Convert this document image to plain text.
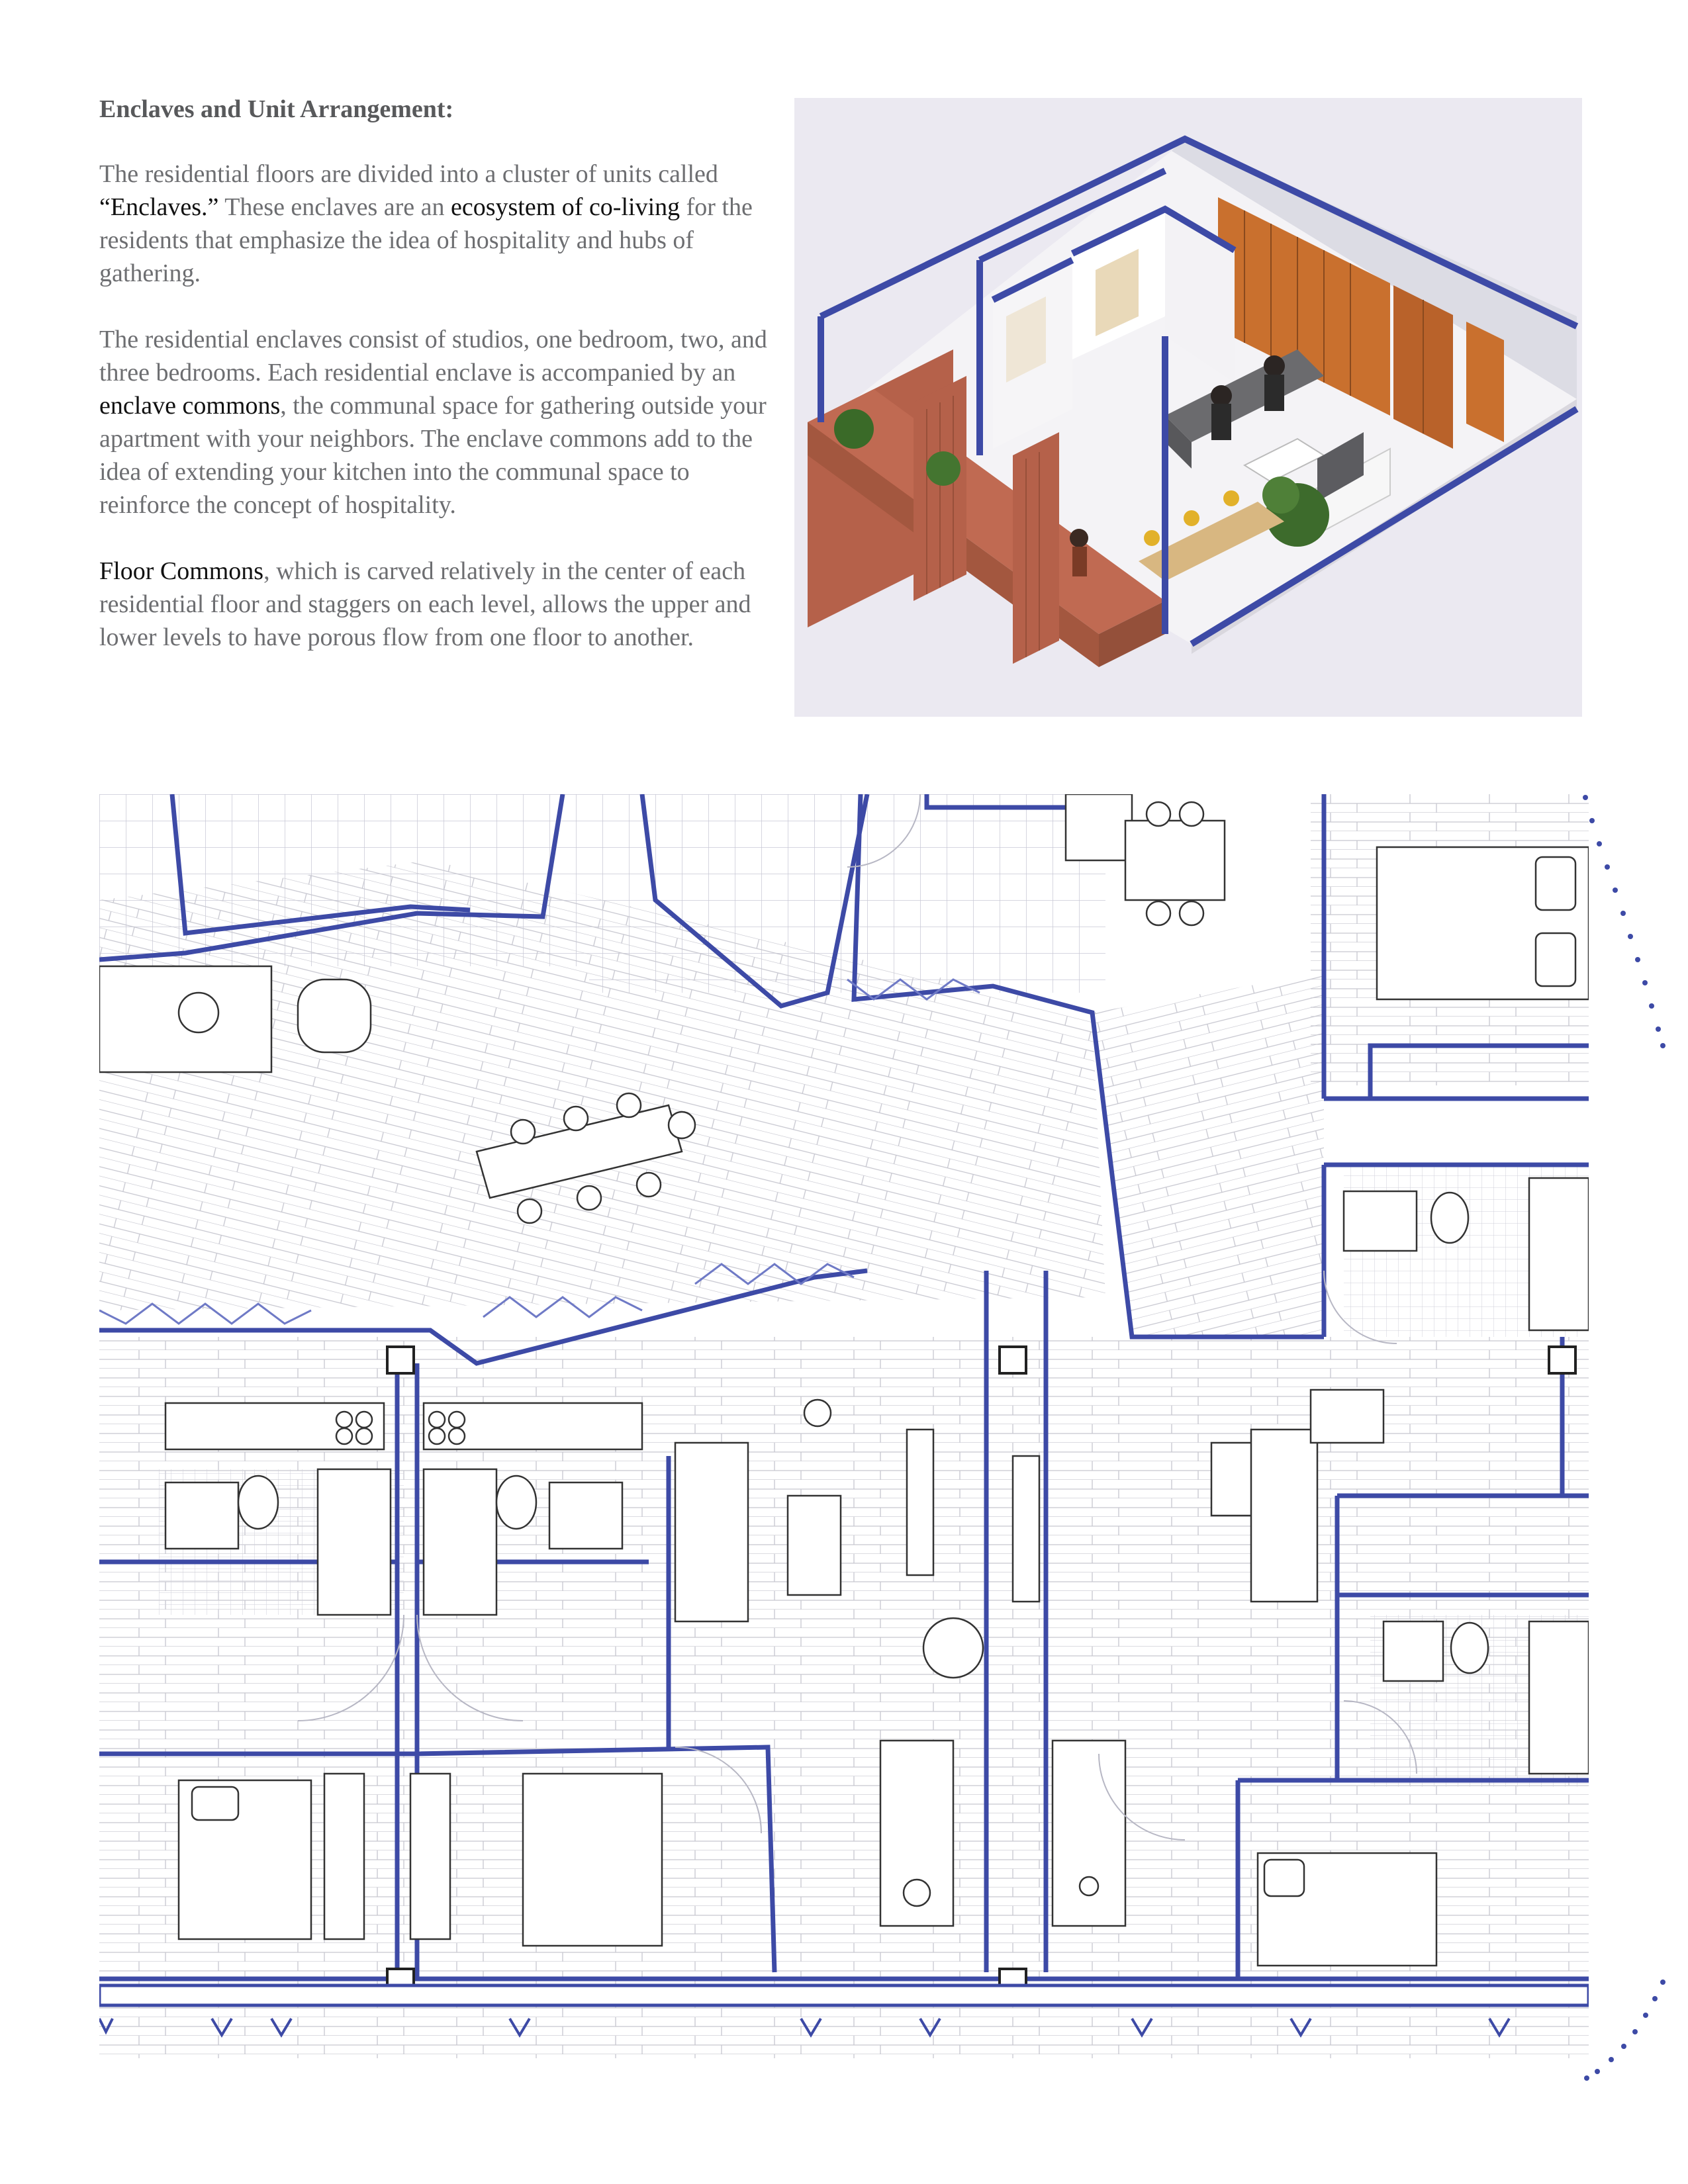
Enclaves and Unit Arrangement:

The residential floors are divided into a cluster of units called “Enclaves.” These enclaves are an ecosystem of co-living for the residents that emphasize the idea of hospitality and hubs of gathering.

The residential enclaves consist of studios, one bedroom, two, and three bedrooms. Each residential enclave is accompanied by an enclave commons, the communal space for gathering outside your apartment with your neighbors. The enclave commons add to the idea of extending your kitchen into the communal space to reinforce the concept of hospitality.

Floor Commons, which is carved relatively in the center of each residential floor and staggers on each level, allows the upper and lower levels to have porous flow from one floor to another.
